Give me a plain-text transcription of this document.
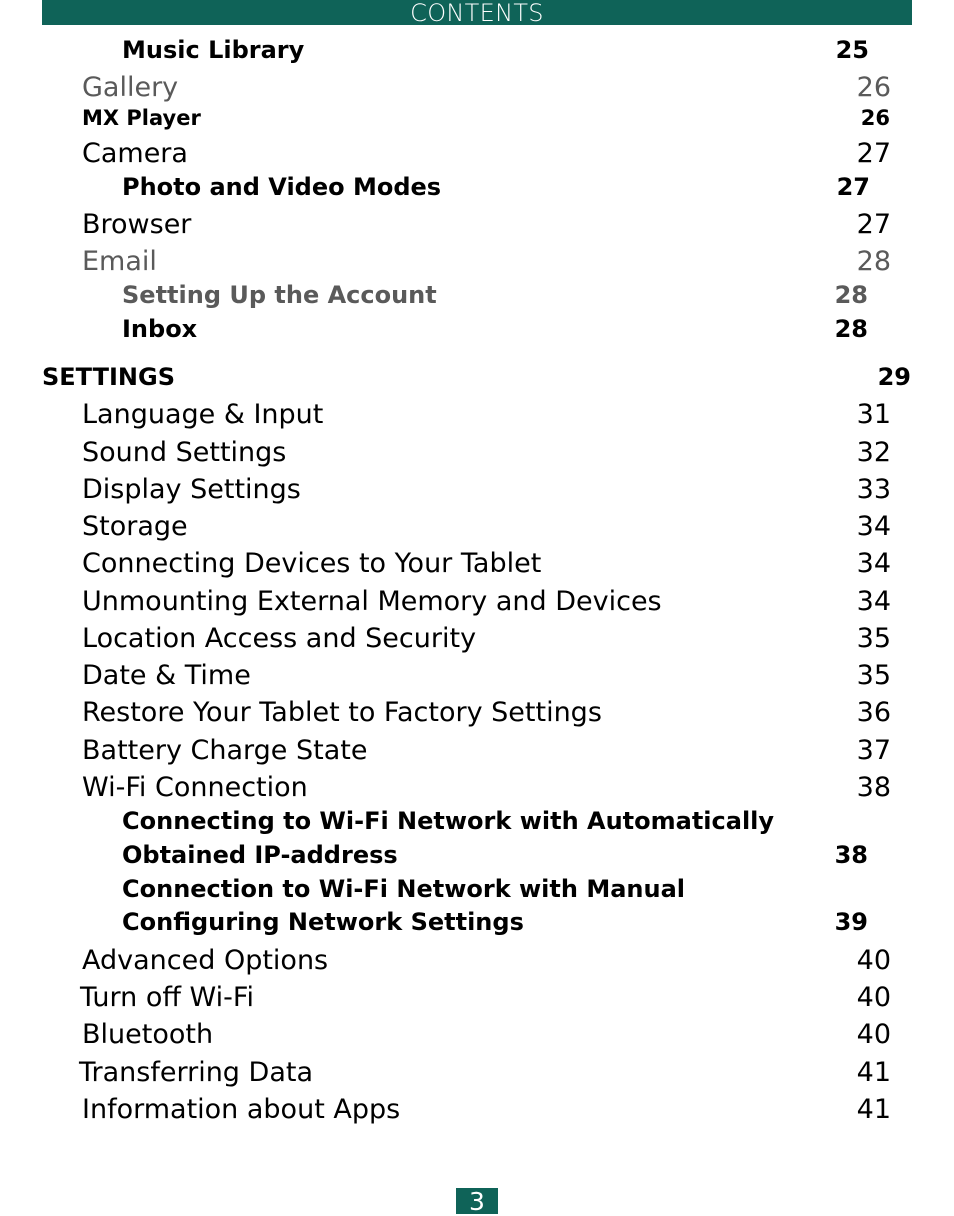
CONTENTS
Music Library	25
Gallery	26
MX Player	26
Camera	27
Photo and Video Modes	27
Browser	27
Email	28
Setting Up the Account	28
Inbox	28
SETTINGS	29
Language & Input	31
Sound Settings	32
Display Settings	33
Storage	34
Connecting Devices to Your Tablet	34
Unmounting External Memory and Devices	34
Location Access and Security	35
Date & Time	35
Restore Your Tablet to Factory Settings	36
Battery Charge State	37
Wi-Fi Connection	38
Connecting to Wi-Fi Network with Automatically
Obtained IP-address	38
Connection to Wi-Fi Network with Manual
Configuring Network Settings	39
Advanced Options	40
Turn off Wi-Fi	40
Bluetooth	40
Transferring Data	41
Information about Apps	41
3
